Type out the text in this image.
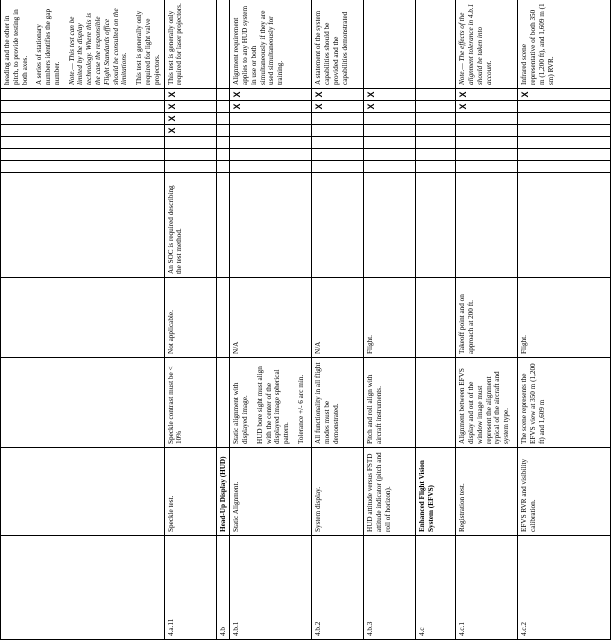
												heading and the other in pitch, to provide testing in both axes. A series of stationary numbers identifies the gap number. Note.— This test can be limited by the display technology. Where this is the case the responsible Flight Standards office should be consulted on the limitations. This test is generally only required for light valve projectors.

4.a.11	Speckle test.	Speckle contrast must be < 10%	Not applicable.	An SOC is required describing the test method.				X	X	X	X	This test is generally only required for laser projectors.
4.b	Head-Up Display (HUD)											
4.b.1	Static Alignment.	Static alignment with displayed image. HUD bore sight must align with the center of the displayed image spherical pattern. Tolerance +/- 6 arc min.	N/A							X	X	Alignment requirement applies to any HUD system in use or both simultaneously if they are used simultaneously for training.
4.b.2	System display.	All functionality in all flight modes must be demonstrated.	N/A							X	X	A statement of the system capabilities should be provided and the capabilities demonstrated
4.b.3	HUD attitude versus FSTD attitude indicator (pitch and roll of horizon).	Pitch and roll align with aircraft instruments.	Flight.							X	X	
4.c	Enhanced Flight Vision System (EFVS)											
4.c.1	Registration test.	Alignment between EFVS display and out of the window image must represent the alignment typical of the aircraft and system type.	Takeoff point and on approach at 200 ft.							X	X	Note.— The effects of the alignment tolerance in 4.b.1 should be taken into account.
4.c.2	EFVS RVR and visibility calibration.	The scene represents the EFVS view at 350 m (1,200 ft) and 1,609 m	Flight.								X	Infrared scene representative of both 350 m (1,200 ft), and 1,609 m (1 sm) RVR.
